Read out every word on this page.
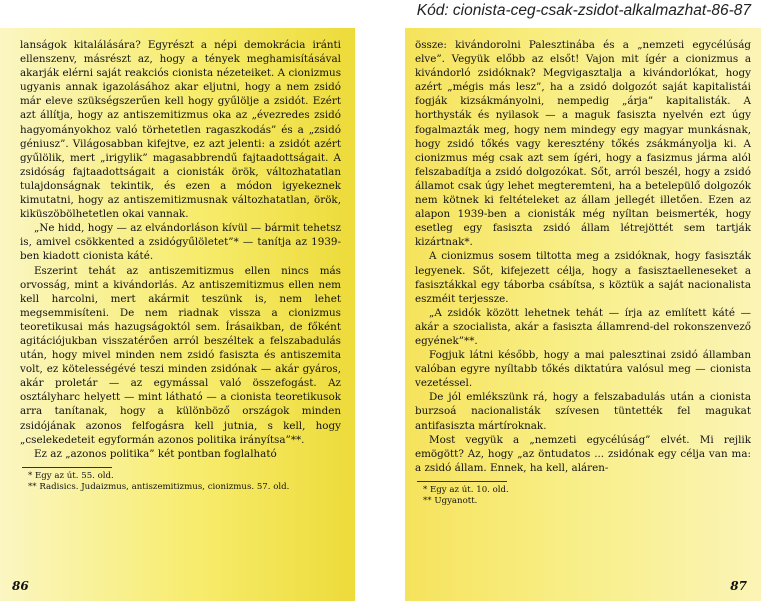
Kód: cionista-ceg-csak-zsidot-alkalmazhat-86-87

lanságok kitalálására? Egyrészt a népi demokrácia iránti ellenszenv, másrészt az, hogy a tények meghamisításával akarják elérni saját reakciós cionista nézeteiket. A cionizmus ugyanis annak igazolásához akar eljutni, hogy a nem zsidó már eleve szükségszerűen kell hogy gyűlölje a zsidót. Ezért azt állítja, hogy az antiszemitizmus oka az „évezredes zsidó hagyományokhoz való törhetetlen ragaszkodás” és a „zsidó géniusz”. Világosabban kifejtve, ez azt jelenti: a zsidót azért gyűlölik, mert „irigylik” magasabbrendű fajtaadottságait. A zsidóság fajtaadottságait a cionisták örök, változhatatlan tulajdonságnak tekintik, és ezen a módon igyekeznek kimutatni, hogy az antiszemitizmusnak változhatatlan, örök, kiküszöbölhetetlen okai vannak.

„Ne hidd, hogy — az elvándorláson kívül — bármit tehetsz is, amivel csökkented a zsidógyűlöletet”* — tanítja az 1939-ben kiadott cionista káté.

Eszerint tehát az antiszemitizmus ellen nincs más orvosság, mint a kivándorlás. Az antiszemitizmus ellen nem kell harcolni, mert akármit teszünk is, nem lehet megsemmisíteni. De nem riadnak vissza a cionizmus teoretikusai más hazugságoktól sem. Írásaikban, de főként agitációjukban visszatérően arról beszéltek a felszabadulás után, hogy mivel minden nem zsidó fasiszta és antiszemita volt, ez kötelességévé teszi minden zsidónak — akár gyáros, akár proletár — az egymással való összefogást. Az osztályharc helyett — mint látható — a cionista teoretikusok arra tanítanak, hogy a különböző országok minden zsidójának azonos felfogásra kell jutnia, s kell, hogy „cselekedeteit egyformán azonos politika irányítsa”**.

Ez az „azonos politika” két pontban foglalható

* Egy az út. 55. old.

** Radisics. Judaizmus, antiszemitizmus, cionizmus. 57. old.

86

össze: kivándorolni Palesztinába és a „nemzeti egycélúság elve”. Vegyük előbb az elsőt! Vajon mit ígér a cionizmus a kivándorló zsidóknak? Megvigasztalja a kivándorlókat, hogy azért „mégis más lesz”, ha a zsidó dolgozót saját kapitalistái fogják kizsákmányolni, nempedig „árja” kapitalisták. A horthysták és nyilasok — a maguk fasiszta nyelvén ezt úgy fogalmazták meg, hogy nem mindegy egy magyar munkásnak, hogy zsidó tőkés vagy keresztény tőkés zsákmányolja ki. A cionizmus még csak azt sem ígéri, hogy a fasizmus járma alól felszabadítja a zsidó dolgozókat. Sőt, arról beszél, hogy a zsidó államot csak úgy lehet megteremteni, ha a betelepülő dolgozók nem kötnek ki feltételeket az állam jellegét illetően. Ezen az alapon 1939-ben a cionisták még nyíltan beismerték, hogy esetleg egy fasiszta zsidó állam létrejöttét sem tartják kizártnak*.

A cionizmus sosem tiltotta meg a zsidóknak, hogy fasiszták legyenek. Sőt, kifejezett célja, hogy a fasisztaelleneseket a fasisztákkal egy táborba csábítsa, s köztük a saját nacionalista eszméit terjessze.

„A zsidók között lehetnek tehát — írja az említett káté — akár a szocialista, akár a fasiszta államrend-del rokonszenvező egyének”**.

Fogjuk látni később, hogy a mai palesztinai zsidó államban valóban egyre nyíltabb tőkés diktatúra valósul meg — cionista vezetéssel.

De jól emlékszünk rá, hogy a felszabadulás után a cionista burzsoá nacionalisták szívesen tüntették fel magukat antifasiszta mártíroknak.

Most vegyük a „nemzeti egycélúság” elvét. Mi rejlik emögött? Az, hogy „az öntudatos ... zsidónak egy célja van ma: a zsidó állam. Ennek, ha kell, aláren-

* Egy az út. 10. old.

** Ugyanott.

87
